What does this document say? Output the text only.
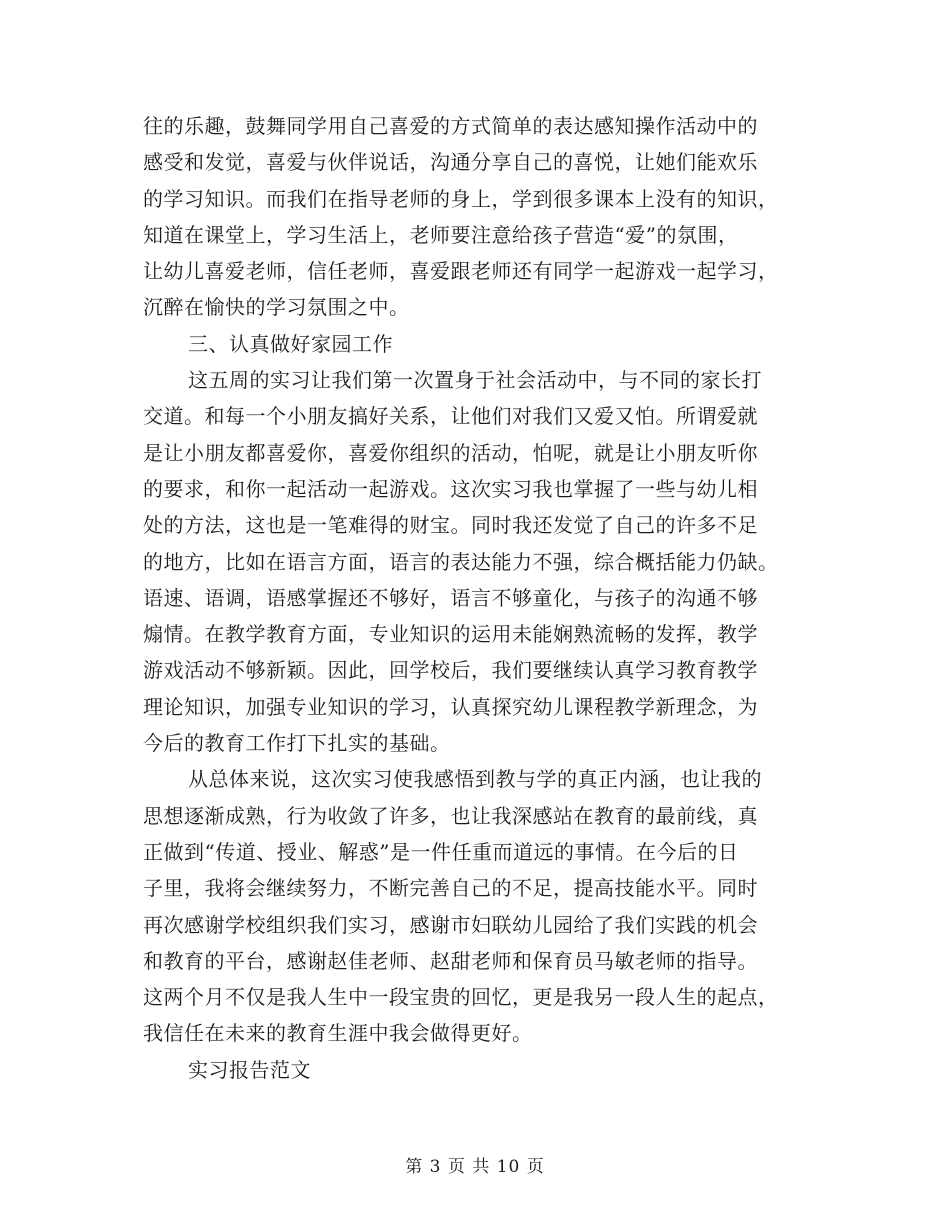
往的乐趣，鼓舞同学用自己喜爱的方式简单的表达感知操作活动中的
感受和发觉，喜爱与伙伴说话，沟通分享自己的喜悦，让她们能欢乐
的学习知识。而我们在指导老师的身上，学到很多课本上没有的知识，
知道在课堂上，学习生活上，老师要注意给孩子营造“爱”的氛围，
让幼儿喜爱老师，信任老师，喜爱跟老师还有同学一起游戏一起学习，
沉醉在愉快的学习氛围之中。
三、认真做好家园工作
这五周的实习让我们第一次置身于社会活动中，与不同的家长打
交道。和每一个小朋友搞好关系，让他们对我们又爱又怕。所谓爱就
是让小朋友都喜爱你，喜爱你组织的活动，怕呢，就是让小朋友听你
的要求，和你一起活动一起游戏。这次实习我也掌握了一些与幼儿相
处的方法，这也是一笔难得的财宝。同时我还发觉了自己的许多不足
的地方，比如在语言方面，语言的表达能力不强，综合概括能力仍缺。
语速、语调，语感掌握还不够好，语言不够童化，与孩子的沟通不够
煽情。在教学教育方面，专业知识的运用未能娴熟流畅的发挥，教学
游戏活动不够新颖。因此，回学校后，我们要继续认真学习教育教学
理论知识，加强专业知识的学习，认真探究幼儿课程教学新理念，为
今后的教育工作打下扎实的基础。
从总体来说，这次实习使我感悟到教与学的真正内涵，也让我的
思想逐渐成熟，行为收敛了许多，也让我深感站在教育的最前线，真
正做到“传道、授业、解惑”是一件任重而道远的事情。在今后的日
子里，我将会继续努力，不断完善自己的不足，提高技能水平。同时
再次感谢学校组织我们实习，感谢市妇联幼儿园给了我们实践的机会
和教育的平台，感谢赵佳老师、赵甜老师和保育员马敏老师的指导。
这两个月不仅是我人生中一段宝贵的回忆，更是我另一段人生的起点，
我信任在未来的教育生涯中我会做得更好。
实习报告范文
第 3 页 共 10 页
